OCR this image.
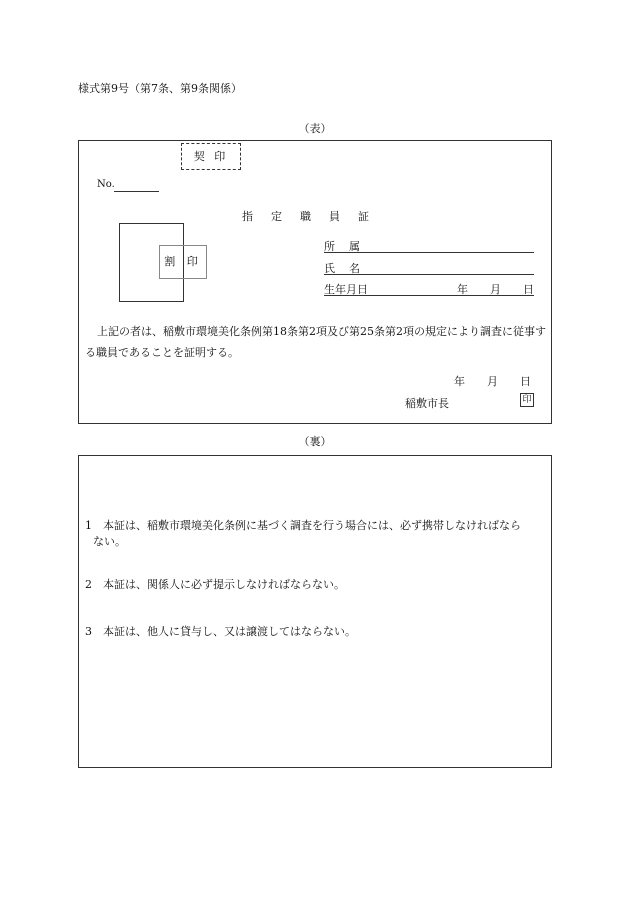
様式第9号（第7条、第9条関係）
（表）
契 印
No.
指定職員証
割 印
所属
氏名
生年月日	年　　月　　日
上記の者は、稲敷市環境美化条例第18条第2項及び第25条第2項の規定により調査に従事する職員であることを証明する。
年　　月　　日
稲敷市長	印
（裏）
1 本証は、稲敷市環境美化条例に基づく調査を行う場合には、必ず携帯しなければなら
ない。
2 本証は、関係人に必ず提示しなければならない。
3 本証は、他人に貸与し、又は譲渡してはならない。
